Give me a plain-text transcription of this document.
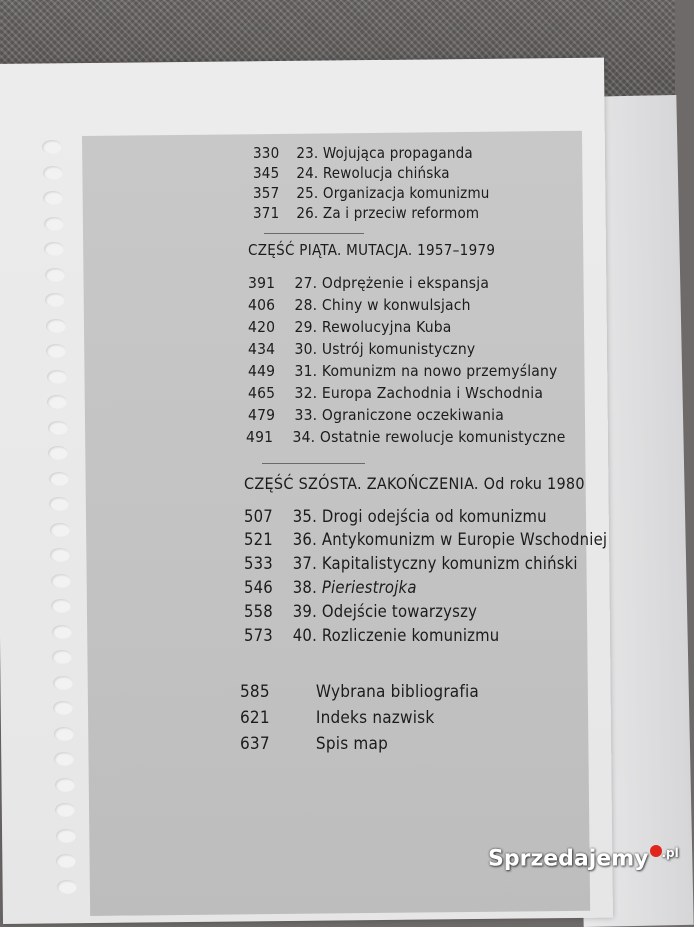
330 23. Wojująca propaganda
345 24. Rewolucja chińska
357 25. Organizacja komunizmu
371 26. Za i przeciw reformom
CZĘŚĆ PIĄTA. MUTACJA. 1957–1979
391 27. Odprężenie i ekspansja
406 28. Chiny w konwulsjach
420 29. Rewolucyjna Kuba
434 30. Ustrój komunistyczny
449 31. Komunizm na nowo przemyślany
465 32. Europa Zachodnia i Wschodnia
479 33. Ograniczone oczekiwania
491 34. Ostatnie rewolucje komunistyczne
CZĘŚĆ SZÓSTA. ZAKOŃCZENIA. Od roku 1980
507 35. Drogi odejścia od komunizmu
521 36. Antykomunizm w Europie Wschodniej
533 37. Kapitalistyczny komunizm chiński
546 38. Pieriestrojka
558 39. Odejście towarzyszy
573 40. Rozliczenie komunizmu
585	Wybrana bibliografia
621	Indeks nazwisk
637	Spis map
Sprzedajemy $^{.pl}$
